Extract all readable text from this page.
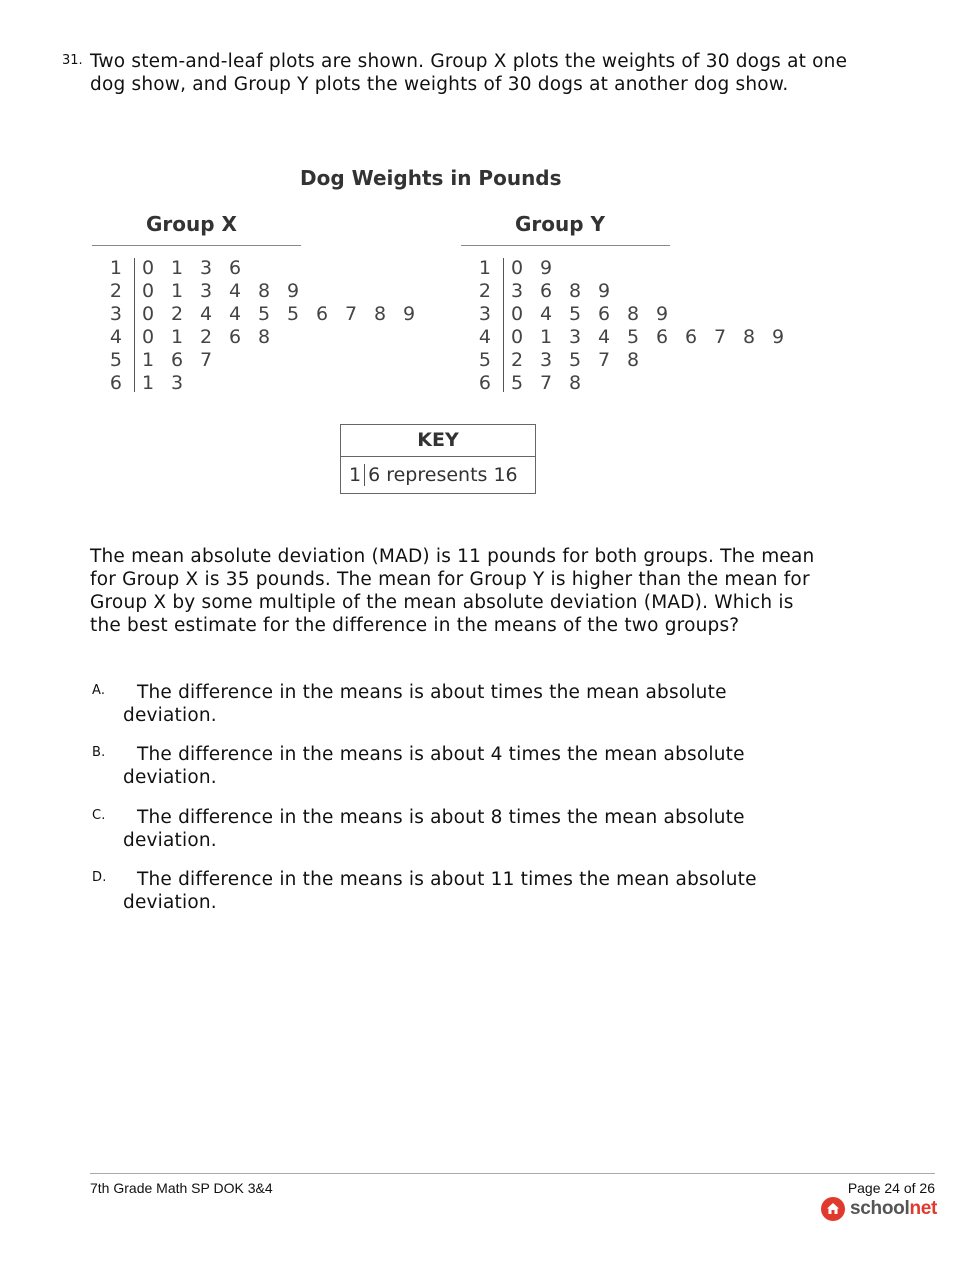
31. Two stem-and-leaf plots are shown. Group X plots the weights of 30 dogs at one dog show, and Group Y plots the weights of 30 dogs at another dog show.
Dog Weights in Pounds
Group X
1 0 1 3 6
2 0 1 3 4 8 9
3 0 2 4 4 5 5 6 7 8 9
4 0 1 2 6 8
5 1 6 7
6 1 3
Group Y
1 0 9
2 3 6 8 9
3 0 4 5 6 8 9
4 0 1 3 4 5 6 6 7 8 9
5 2 3 5 7 8
6 5 7 8
KEY
1 6 represents 16
The mean absolute deviation (MAD) is 11 pounds for both groups. The mean for Group X is 35 pounds. The mean for Group Y is higher than the mean for Group X by some multiple of the mean absolute deviation (MAD). Which is the best estimate for the difference in the means of the two groups?
A.	The difference in the means is about times the mean absolute deviation.
B.	The difference in the means is about 4 times the mean absolute deviation.
C.	The difference in the means is about 8 times the mean absolute deviation.
D.	The difference in the means is about 11 times the mean absolute deviation.
7th Grade Math SP DOK 3&4	Page 24 of 26
schoolnet
